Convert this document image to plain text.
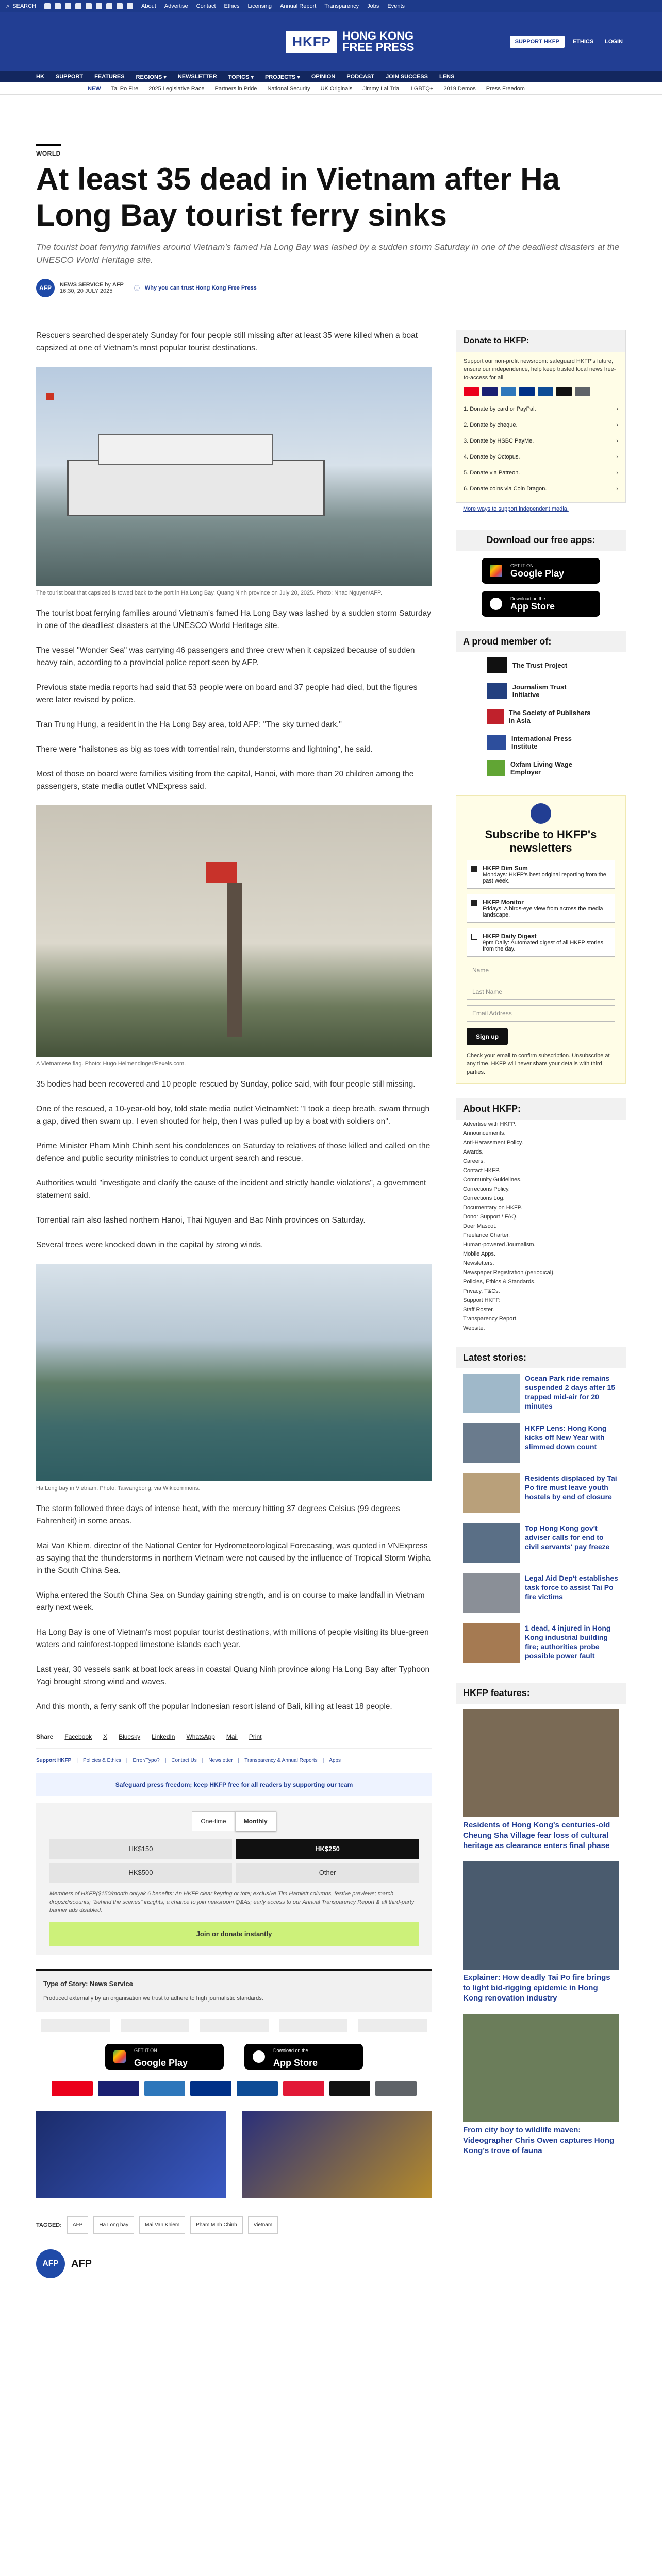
⌕ SEARCH	About Advertise Contact Ethics Licensing Annual Report Transparency Jobs Events
HKFP	HONG KONG
FREE PRESS	SUPPORT HKFP	ETHICS	LOGIN
HK SUPPORT FEATURES REGIONS ▾ NEWSLETTER TOPICS ▾ PROJECTS ▾ OPINION PODCAST JOIN SUCCESS LENS
NEW Tai Po Fire 2025 Legislative Race Partners in Pride National Security UK Originals Jimmy Lai Trial LGBTQ+ 2019 Demos Press Freedom
WORLD
At least 35 dead in Vietnam after Ha Long Bay tourist ferry sinks
The tourist boat ferrying families around Vietnam's famed Ha Long Bay was lashed by a sudden storm Saturday in one of the deadliest disasters at the UNESCO World Heritage site.
AFP	NEWS SERVICE by AFP
16:30, 20 JULY 2025	ⓘ Why you can trust Hong Kong Free Press

Rescuers searched desperately Sunday for four people still missing after at least 35 were killed when a boat capsized at one of Vietnam's most popular tourist destinations.

The tourist boat that capsized is towed back to the port in Ha Long Bay, Quang Ninh province on July 20, 2025. Photo: Nhac Nguyen/AFP.

The tourist boat ferrying families around Vietnam's famed Ha Long Bay was lashed by a sudden storm Saturday in one of the deadliest disasters at the UNESCO World Heritage site.

The vessel "Wonder Sea" was carrying 46 passengers and three crew when it capsized because of sudden heavy rain, according to a provincial police report seen by AFP.

Previous state media reports had said that 53 people were on board and 37 people had died, but the figures were later revised by police.

Tran Trung Hung, a resident in the Ha Long Bay area, told AFP: "The sky turned dark."

There were "hailstones as big as toes with torrential rain, thunderstorms and lightning", he said.

Most of those on board were families visiting from the capital, Hanoi, with more than 20 children among the passengers, state media outlet VNExpress said.

A Vietnamese flag. Photo: Hugo Heimendinger/Pexels.com.

35 bodies had been recovered and 10 people rescued by Sunday, police said, with four people still missing.

One of the rescued, a 10-year-old boy, told state media outlet VietnamNet: "I took a deep breath, swam through a gap, dived then swam up. I even shouted for help, then I was pulled up by a boat with soldiers on".

Prime Minister Pham Minh Chinh sent his condolences on Saturday to relatives of those killed and called on the defence and public security ministries to conduct urgent search and rescue.

Authorities would "investigate and clarify the cause of the incident and strictly handle violations", a government statement said.

Torrential rain also lashed northern Hanoi, Thai Nguyen and Bac Ninh provinces on Saturday.

Several trees were knocked down in the capital by strong winds.

Ha Long bay in Vietnam. Photo: Taiwangbong, via Wikicommons.

The storm followed three days of intense heat, with the mercury hitting 37 degrees Celsius (99 degrees Fahrenheit) in some areas.

Mai Van Khiem, director of the National Center for Hydrometeorological Forecasting, was quoted in VNExpress as saying that the thunderstorms in northern Vietnam were not caused by the influence of Tropical Storm Wipha in the South China Sea.

Wipha entered the South China Sea on Sunday gaining strength, and is on course to make landfall in Vietnam early next week.

Ha Long Bay is one of Vietnam's most popular tourist destinations, with millions of people visiting its blue-green waters and rainforest-topped limestone islands each year.

Last year, 30 vessels sank at boat lock areas in coastal Quang Ninh province along Ha Long Bay after Typhoon Yagi brought strong wind and waves.

And this month, a ferry sank off the popular Indonesian resort island of Bali, killing at least 18 people.

Share Facebook X Bluesky LinkedIn WhatsApp Mail Print
Support HKFP | Policies & Ethics | Error/Typo? | Contact Us | Newsletter | Transparency & Annual Reports | Apps
Safeguard press freedom; keep HKFP free for all readers by supporting our team
One-time	Monthly
HK$150	HK$250
HK$500	Other
Members of HKFP($150/month onlyak 6 benefits: An HKFP clear keyring or tote; exclusive Tim Hamlett columns, festive previews; march drops/discounts; "behind the scenes" insights; a chance to join newsroom Q&As; early access to our Annual Transparency Report & all third-party banner ads disabled.
Join or donate instantly
Type of Story: News Service
Produced externally by an organisation we trust to adhere to high journalistic standards.
GET IT ON
Google Play
Download on the
App Store
TAGGED:	AFP	Ha Long bay	Mai Van Khiem	Pham Minh Chinh	Vietnam
AFP	AFP
Donate to HKFP:
Support our non-profit newsroom: safeguard HKFP's future, ensure our independence, help keep trusted local news free-to-access for all.
1. Donate by card or PayPal.	›
2. Donate by cheque.	›
3. Donate by HSBC PayMe.	›
4. Donate by Octopus.	›
5. Donate via Patreon.	›
6. Donate coins via Coin Dragon.	›
More ways to support independent media.
Download our free apps:
GET IT ON
Google Play
Download on the
App Store
A proud member of:
The Trust Project
Journalism Trust Initiative
The Society of Publishers in Asia
International Press Institute
Oxfam Living Wage Employer
Subscribe to HKFP's newsletters
HKFP Dim Sum
Mondays: HKFP's best original reporting from the past week.
HKFP Monitor
Fridays: A birds-eye view from across the media landscape.
HKFP Daily Digest
9pm Daily: Automated digest of all HKFP stories from the day.
Name
Last Name
Email Address
Sign up
Check your email to confirm subscription. Unsubscribe at any time. HKFP will never share your details with third parties.
About HKFP:
Advertise with HKFP.
Announcements.
Anti-Harassment Policy.
Awards.
Careers.
Contact HKFP.
Community Guidelines.
Corrections Policy.
Corrections Log.
Documentary on HKFP.
Donor Support / FAQ.
Doer Mascot.
Freelance Charter.
Human-powered Journalism.
Mobile Apps.
Newsletters.
Newspaper Registration (periodical).
Policies, Ethics & Standards.
Privacy, T&Cs.
Support HKFP.
Staff Roster.
Transparency Report.
Website.
Latest stories:
Ocean Park ride remains suspended 2 days after 15 trapped mid-air for 20 minutes
HKFP Lens: Hong Kong kicks off New Year with slimmed down count
Residents displaced by Tai Po fire must leave youth hostels by end of closure
Top Hong Kong gov't adviser calls for end to civil servants' pay freeze
Legal Aid Dep't establishes task force to assist Tai Po fire victims
1 dead, 4 injured in Hong Kong industrial building fire; authorities probe possible power fault
HKFP features:
Residents of Hong Kong's centuries-old Cheung Sha Village fear loss of cultural heritage as clearance enters final phase
Explainer: How deadly Tai Po fire brings to light bid-rigging epidemic in Hong Kong renovation industry
From city boy to wildlife maven: Videographer Chris Owen captures Hong Kong's trove of fauna
